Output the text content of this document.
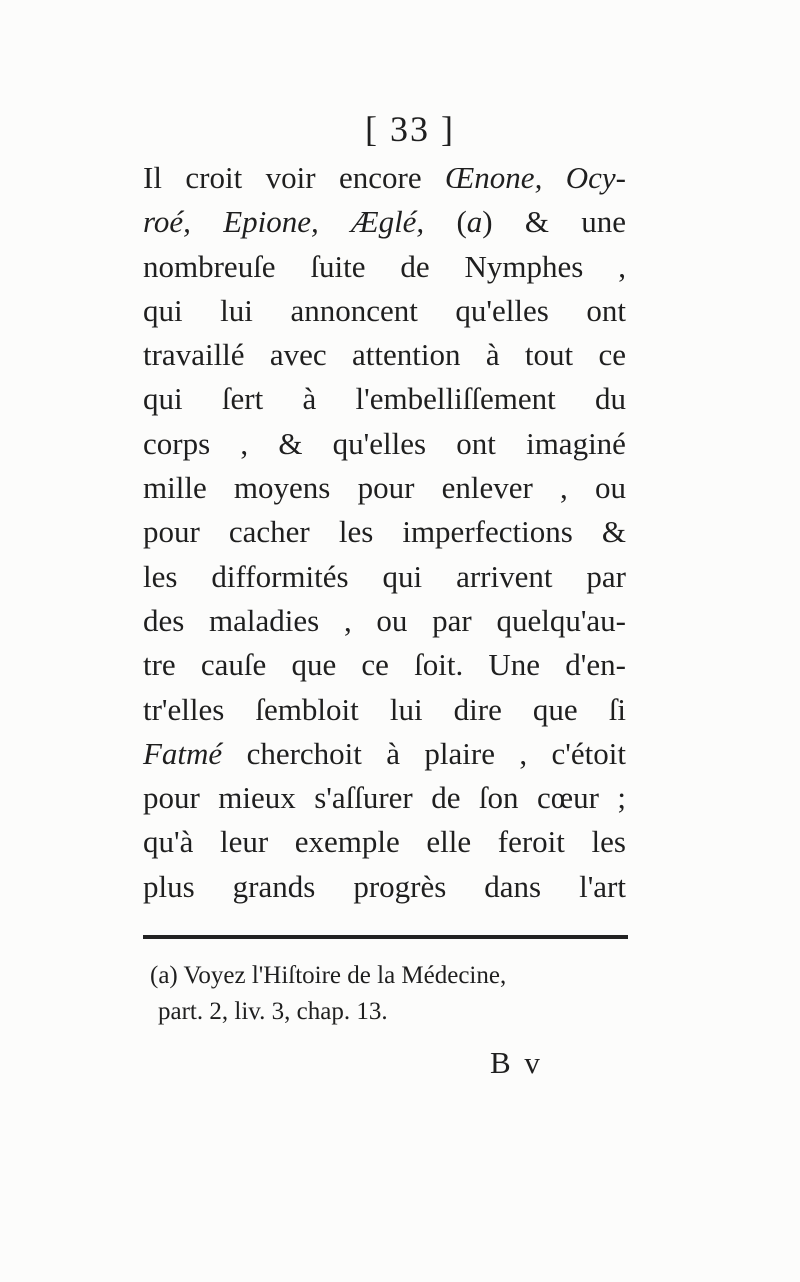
[ 33 ]
Il croit voir encore Œnone, Ocy-
roé, Epione, Æglé, (a) & une
nombreuſe ſuite de Nymphes ,
qui lui annoncent qu'elles ont
travaillé avec attention à tout ce
qui ſert à l'embelliſſement du
corps , & qu'elles ont imaginé
mille moyens pour enlever , ou
pour cacher les imperfections &
les difformités qui arrivent par
des maladies , ou par quelqu'au-
tre cauſe que ce ſoit. Une d'en-
tr'elles ſembloit lui dire que ſi
Fatmé cherchoit à plaire , c'étoit
pour mieux s'aſſurer de ſon cœur ;
qu'à leur exemple elle feroit les
plus grands progrès dans l'art
(a) Voyez l'Hiſtoire de la Médecine,
part. 2, liv. 3, chap. 13.
B v
